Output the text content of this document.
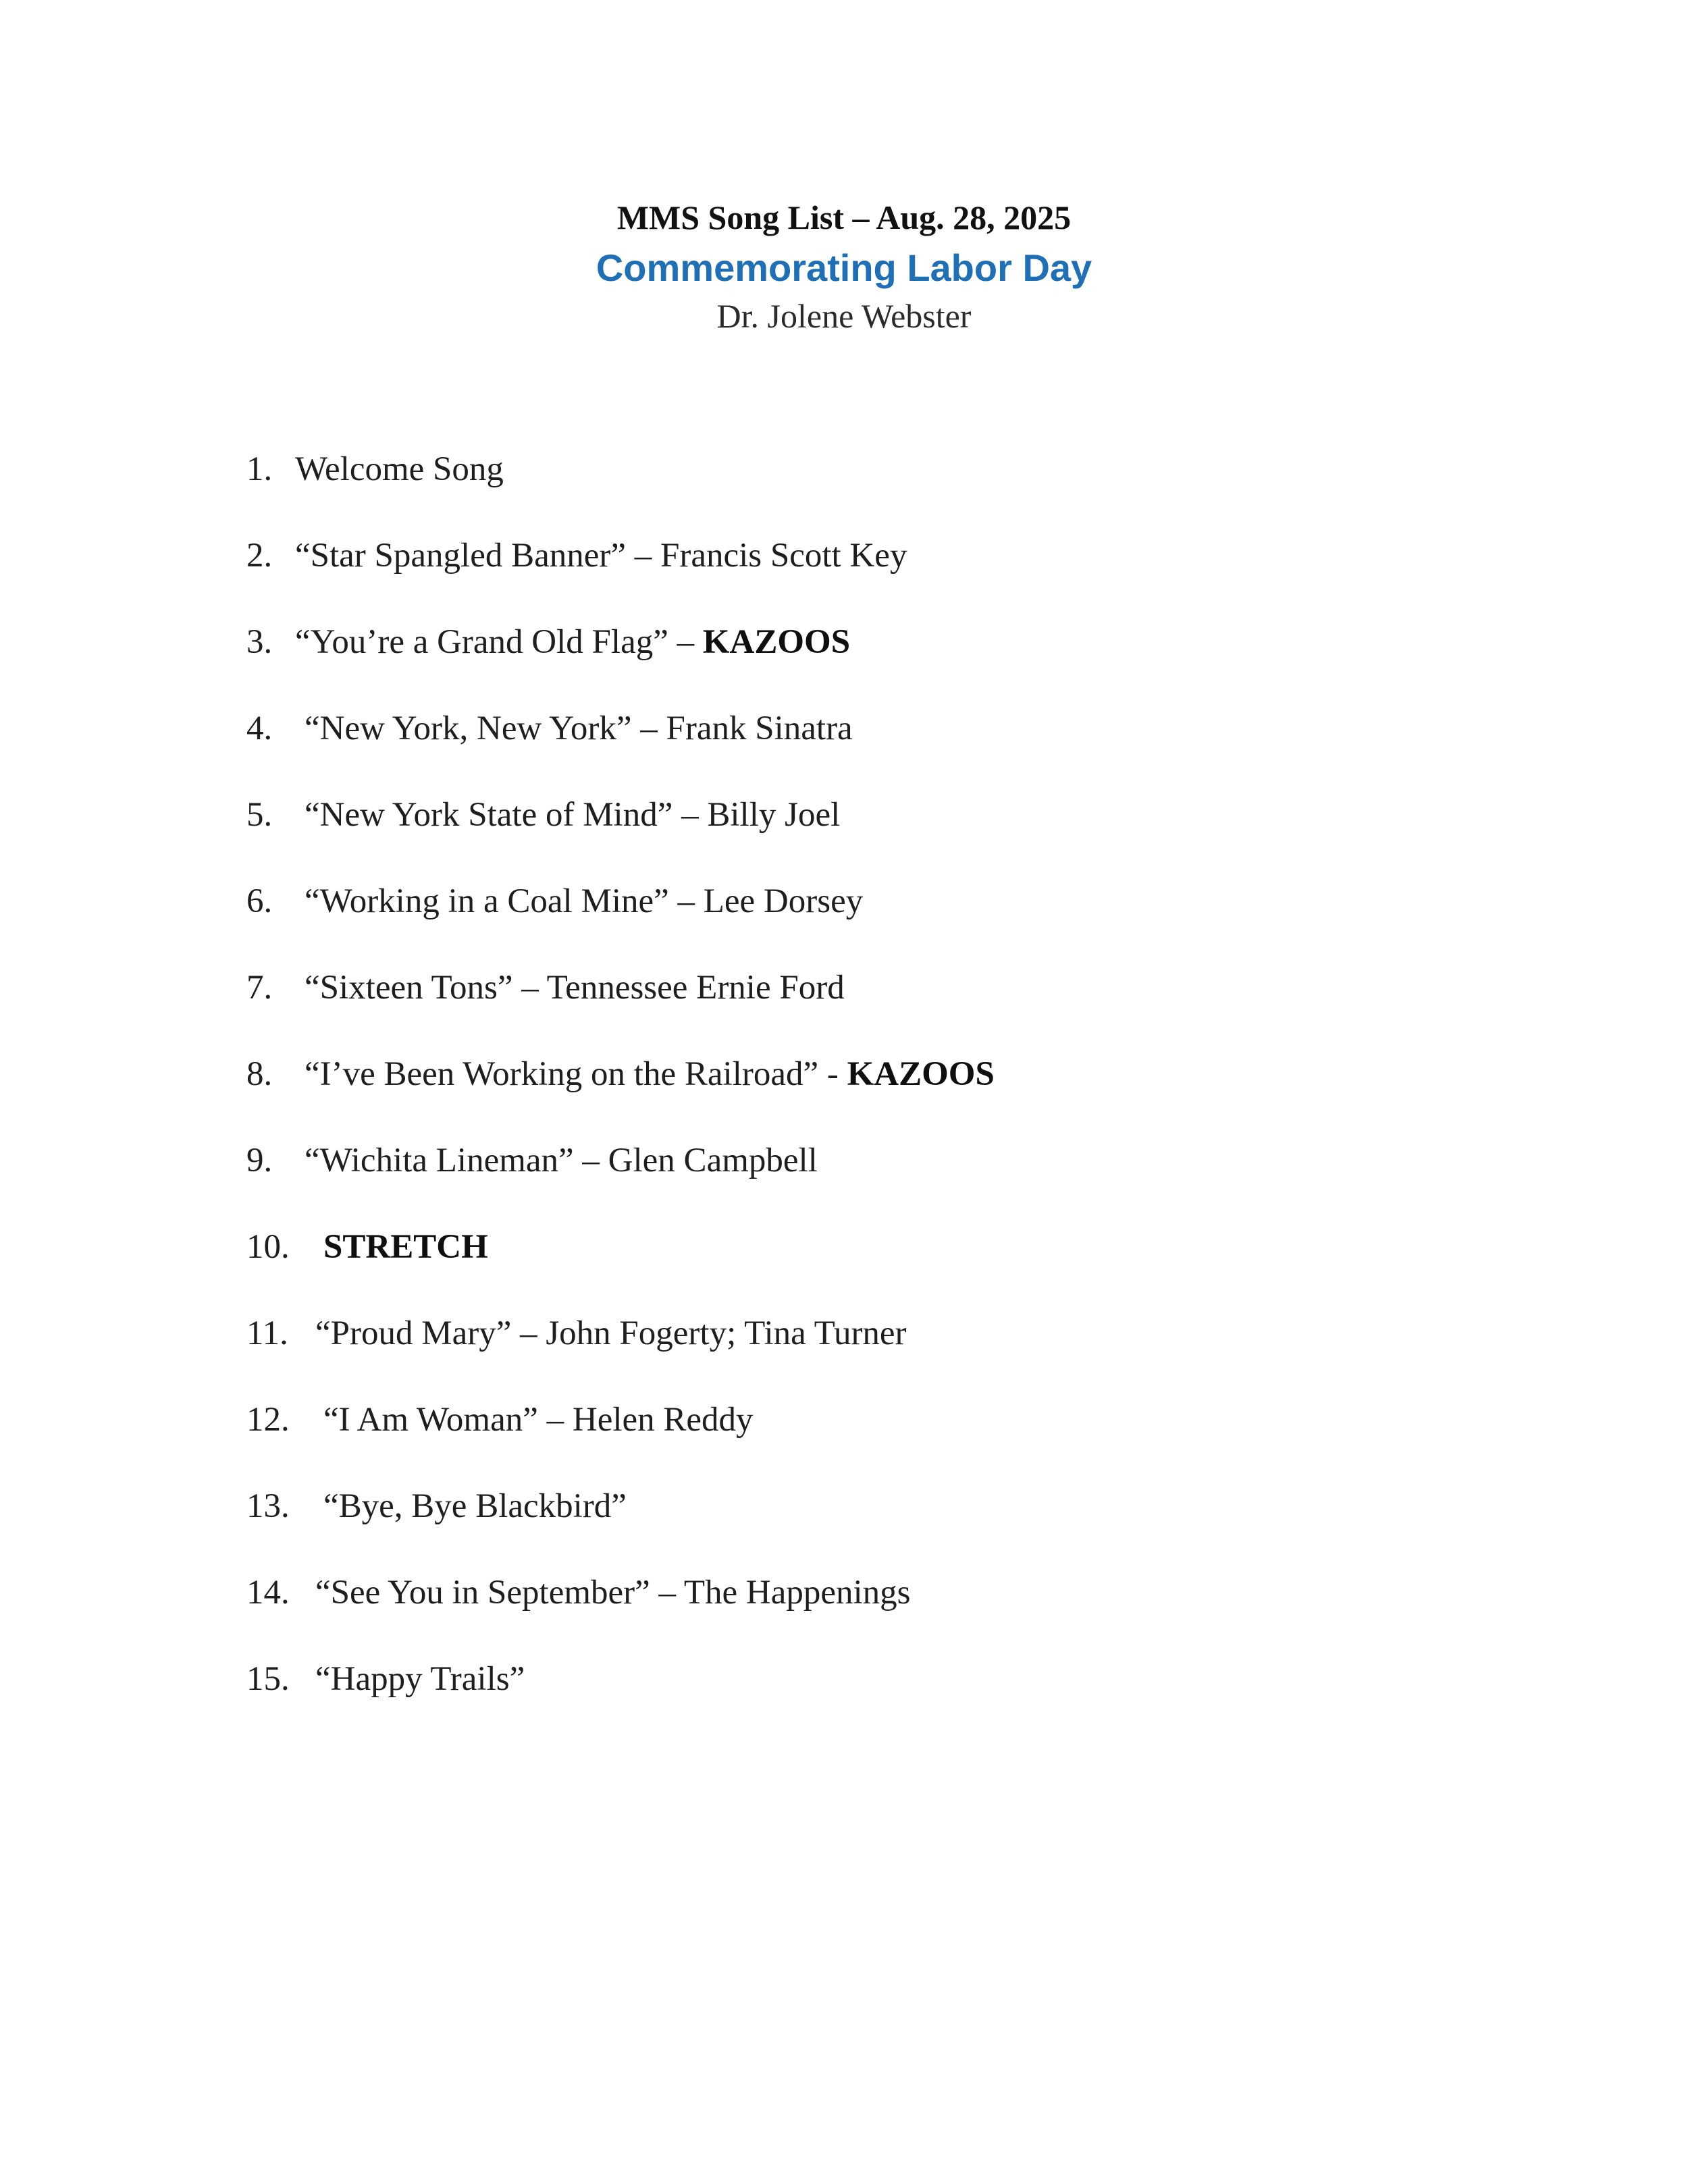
MMS Song List – Aug. 28, 2025
Commemorating Labor Day
Dr. Jolene Webster
1. Welcome Song
2. “Star Spangled Banner” – Francis Scott Key
3. “You’re a Grand Old Flag” – KAZOOS
4. “New York, New York” – Frank Sinatra
5. “New York State of Mind” – Billy Joel
6. “Working in a Coal Mine” – Lee Dorsey
7. “Sixteen Tons” – Tennessee Ernie Ford
8. “I’ve Been Working on the Railroad” - KAZOOS
9. “Wichita Lineman” – Glen Campbell
10. STRETCH
11. “Proud Mary” – John Fogerty; Tina Turner
12. “I Am Woman” – Helen Reddy
13. “Bye, Bye Blackbird”
14. “See You in September” – The Happenings
15. “Happy Trails”
